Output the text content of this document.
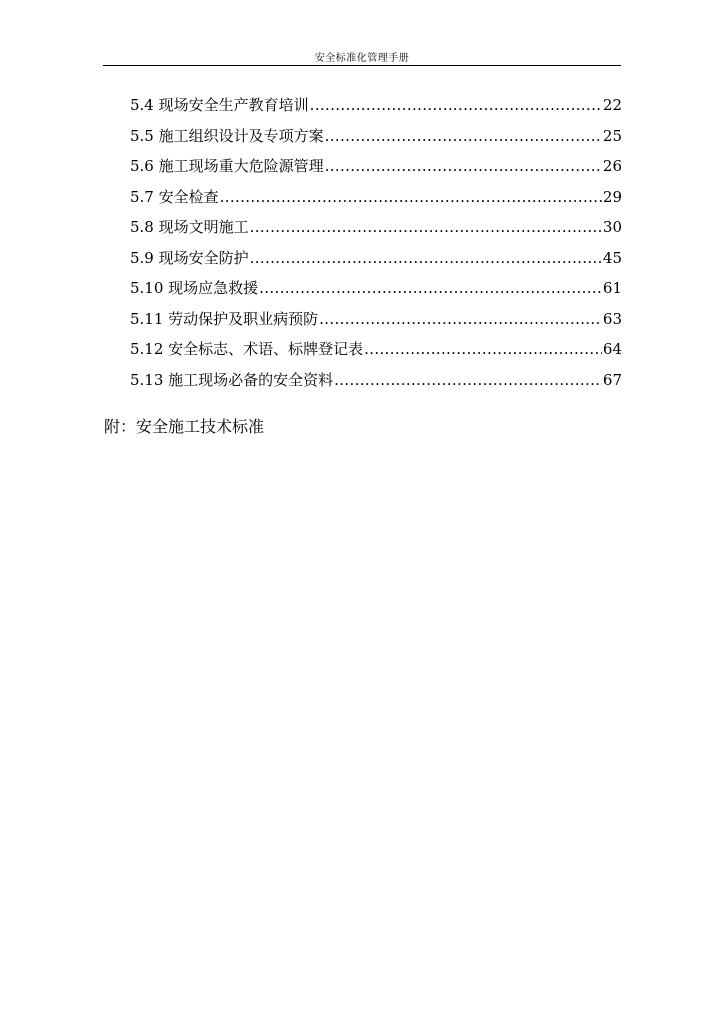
安全标准化管理手册
5.4 现场安全生产教育培训 .....	22
5.5 施工组织设计及专项方案 .....	25
5.6 施工现场重大危险源管理 .....	26
5.7 安全检查 .....	29
5.8 现场文明施工 .....	30
5.9 现场安全防护 .....	45
5.10 现场应急救援 .....	61
5.11 劳动保护及职业病预防 .....	63
5.12 安全标志、术语、标牌登记表 .....	64
5.13 施工现场必备的安全资料 .....	67
附：安全施工技术标准
